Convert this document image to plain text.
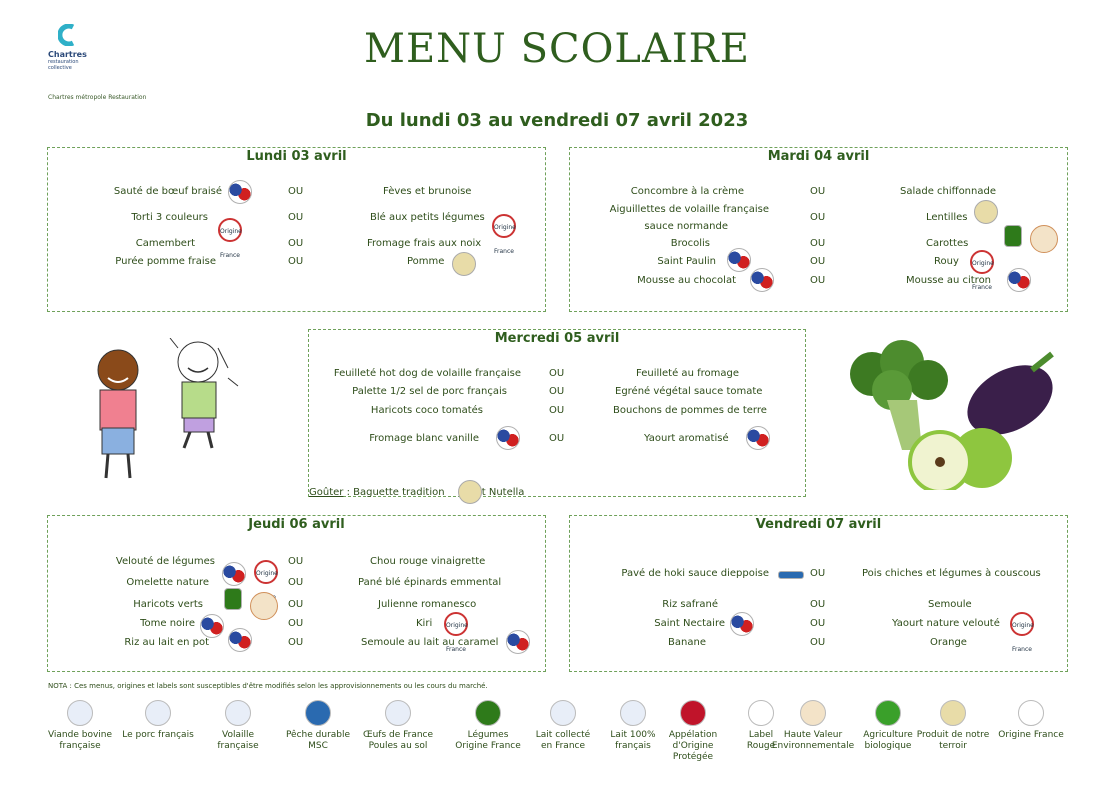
Chartres
restauration
collective
Chartres métropole Restauration
MENU SCOLAIRE
Du lundi 03 au vendredi 07 avril 2023
Lundi 03 avril
Sauté de bœuf braisé
Torti 3 couleurs
Camembert
Purée pomme fraise
OU
OU
OU
OU
Fèves et brunoise
Blé aux petits légumes
Fromage frais aux noix
Pomme
Origine France
Origine France
Mardi 04 avril
Concombre à la crème
Aiguillettes de volaille française
sauce normande
Brocolis
Saint Paulin
Mousse au chocolat
OU
OU
OU
OU
OU
Salade chiffonnade
Lentilles
Carottes
Rouy
Mousse au citron
Origine France
Mercredi 05 avril
Feuilleté hot dog de volaille française
Palette 1/2 sel de porc français
Haricots coco tomatés
Fromage blanc vanille
OU
OU
OU
OU
Feuilleté au fromage
Egréné végétal sauce tomate
Bouchons de pommes de terre
Yaourt aromatisé
Goûter : Baguette tradition	t Nutella
Jeudi 06 avril
Velouté de légumes
Omelette nature
Haricots verts
Tome noire
Riz au lait en pot
OU
OU
OU
OU
OU
Chou rouge vinaigrette
Pané blé épinards emmental
Julienne romanesco
Kiri
Semoule au lait au caramel
Origine
Origine France
Vendredi 07 avril
Pavé de hoki sauce dieppoise
Riz safrané
Saint Nectaire
Banane
OU
OU
OU
OU
Pois chiches et légumes à couscous
Semoule
Yaourt nature velouté
Orange
Origine France
NOTA : Ces menus, origines et labels sont susceptibles d'être modifiés selon les approvisionnements ou les cours du marché.
Viande bovine
française
Le porc français	Volaille
française
Pêche durable
MSC
Œufs de France
Poules au sol
Légumes
Origine France
Lait collecté
en France
Lait 100%
français
Appélation
d'Origine
Protégée
Label
Rouge
Haute Valeur
Environnementale
Agriculture
biologique
Produit de notre
terroir
Origine France
